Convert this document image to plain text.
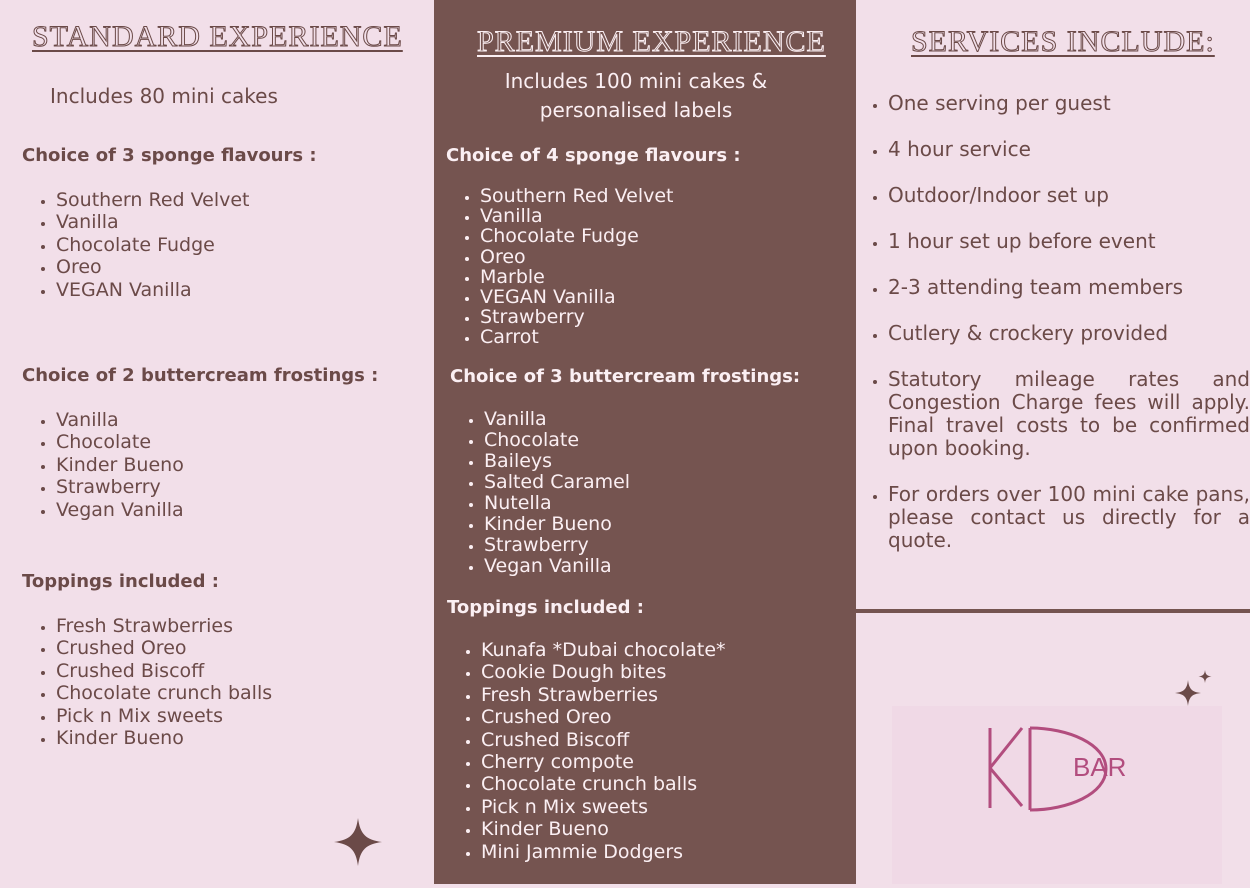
STANDARD EXPERIENCE
Includes 80 mini cakes
Choice of 3 sponge flavours :
• Southern Red Velvet
• Vanilla
• Chocolate Fudge
• Oreo
• VEGAN Vanilla
Choice of 2 buttercream frostings :
• Vanilla
• Chocolate
• Kinder Bueno
• Strawberry
• Vegan Vanilla
Toppings included :
• Fresh Strawberries
• Crushed Oreo
• Crushed Biscoff
• Chocolate crunch balls
• Pick n Mix sweets
• Kinder Bueno
PREMIUM EXPERIENCE
Includes 100 mini cakes &
personalised labels
Choice of 4 sponge flavours :
• Southern Red Velvet
• Vanilla
• Chocolate Fudge
• Oreo
• Marble
• VEGAN Vanilla
• Strawberry
• Carrot
Choice of 3 buttercream frostings:
• Vanilla
• Chocolate
• Baileys
• Salted Caramel
• Nutella
• Kinder Bueno
• Strawberry
• Vegan Vanilla
Toppings included :
• Kunafa *Dubai chocolate*
• Cookie Dough bites
• Fresh Strawberries
• Crushed Oreo
• Crushed Biscoff
• Cherry compote
• Chocolate crunch balls
• Pick n Mix sweets
• Kinder Bueno
• Mini Jammie Dodgers
SERVICES INCLUDE:
• One serving per guest
• 4 hour service
• Outdoor/Indoor set up
• 1 hour set up before event
• 2-3 attending team members
• Cutlery & crockery provided
• Statutory mileage rates and Congestion Charge fees will apply. Final travel costs to be confirmed upon booking.
• For orders over 100 mini cake pans, please contact us directly for a quote.
BAR
